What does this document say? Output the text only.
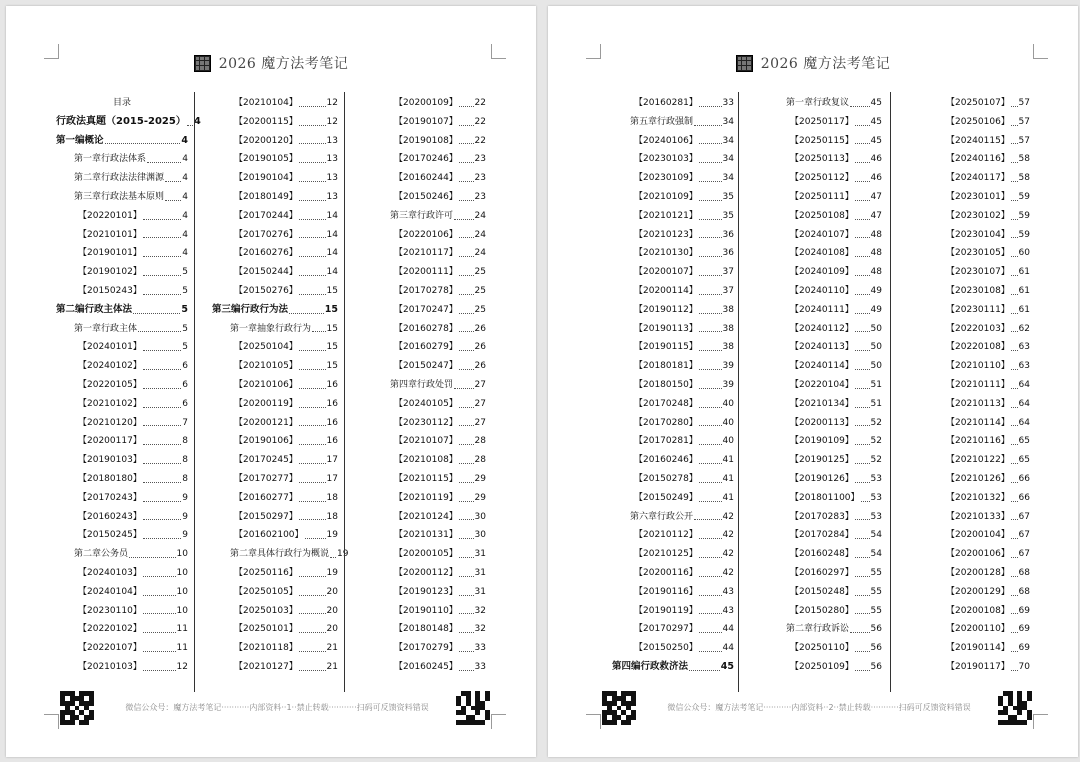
2026 魔方法考笔记
目录
行政法真题（2015-2025） 4
第一编概论	4
第一章行政法体系	4
第二章行政法法律渊源 4
第三章行政法基本原则 4
【20220101】	4
【20210101】	4
【20190101】	4
【20190102】	5
【20150243】	5
第二编行政主体法	5
第一章行政主体	5
【20240101】	5
【20240102】	6
【20220105】	6
【20210102】	6
【20210120】	7
【20200117】	8
【20190103】	8
【20180180】	8
【20170243】	9
【20160243】	9
【20150245】	9
第二章公务员	10
【20240103】	10
【20240104】	10
【20230110】	10
【20220102】	11
【20220107】	11
【20210103】	12
【20210104】	12
【20200115】	12
【20200120】	13
【20190105】	13
【20190104】	13
【20180149】	13
【20170244】	14
【20170276】	14
【20160276】	14
【20150244】	14
【20150276】	15
第三编行政行为法	15
第一章抽象行政行为 15
【20250104】	15
【20210105】	15
【20210106】	16
【20200119】	16
【20200121】	16
【20190106】	16
【20170245】	17
【20170277】	17
【20160277】	18
【20150297】	18
【201602100】	19
第二章具体行政行为概说 19
【20250116】	19
【20250105】	20
【20250103】	20
【20250101】	20
【20210118】	21
【20210127】	21
【20200109】 22
【20190107】 22
【20190108】 22
【20170246】 23
【20160244】 23
【20150246】 23
第三章行政许可 24
【20220106】 24
【20210117】 24
【20200111】 25
【20170278】 25
【20170247】 25
【20160278】 26
【20160279】 26
【20150247】 26
第四章行政处罚 27
【20240105】 27
【20230112】 27
【20210107】 28
【20210108】 28
【20210115】 29
【20210119】 29
【20210124】 30
【20210131】 30
【20200105】 31
【20200112】 31
【20190123】 31
【20190110】 32
【20180148】 32
【20170279】 33
【20160245】 33
微信公众号：魔方法考笔记···········内部资料··1··禁止转载···········扫码可反馈资料错误
2026 魔方法考笔记
【20160281】	33
第五章行政强制	34
【20240106】	34
【20230103】	34
【20230109】	34
【20210109】	35
【20210121】	35
【20210123】	36
【20210130】	36
【20200107】	37
【20200114】	37
【20190112】	38
【20190113】	38
【20190115】	38
【20180181】	39
【20180150】	39
【20170248】	40
【20170280】	40
【20170281】	40
【20160246】	41
【20150278】	41
【20150249】	41
第六章行政公开	42
【20210112】	42
【20210125】	42
【20200116】	42
【20190116】	43
【20190119】	43
【20170297】	44
【20150250】	44
第四编行政救济法	45
第一章行政复议 45
【20250117】 45
【20250115】 45
【20250113】 46
【20250112】 46
【20250111】 47
【20250108】 47
【20240107】 48
【20240108】 48
【20240109】 48
【20240110】 49
【20240111】 49
【20240112】 50
【20240113】 50
【20240114】 50
【20220104】 51
【20210134】 51
【20200113】 52
【20190109】 52
【20190125】 52
【20190126】 53
【201801100】 53
【20170283】 53
【20170284】 54
【20160248】 54
【20160297】 55
【20150248】 55
【20150280】 55
第二章行政诉讼 56
【20250110】 56
【20250109】 56
【20250107】 57
【20250106】 57
【20240115】 57
【20240116】 58
【20240117】 58
【20230101】 59
【20230102】 59
【20230104】 59
【20230105】 60
【20230107】 61
【20230108】 61
【20230111】 61
【20220103】 62
【20220108】 63
【20210110】 63
【20210111】 64
【20210113】 64
【20210114】 64
【20210116】 65
【20210122】 65
【20210126】 66
【20210132】 66
【20210133】 67
【20200104】 67
【20200106】 67
【20200128】 68
【20200129】 68
【20200108】 69
【20200110】 69
【20190114】 69
【20190117】 70
微信公众号：魔方法考笔记···········内部资料··2··禁止转载···········扫码可反馈资料错误
